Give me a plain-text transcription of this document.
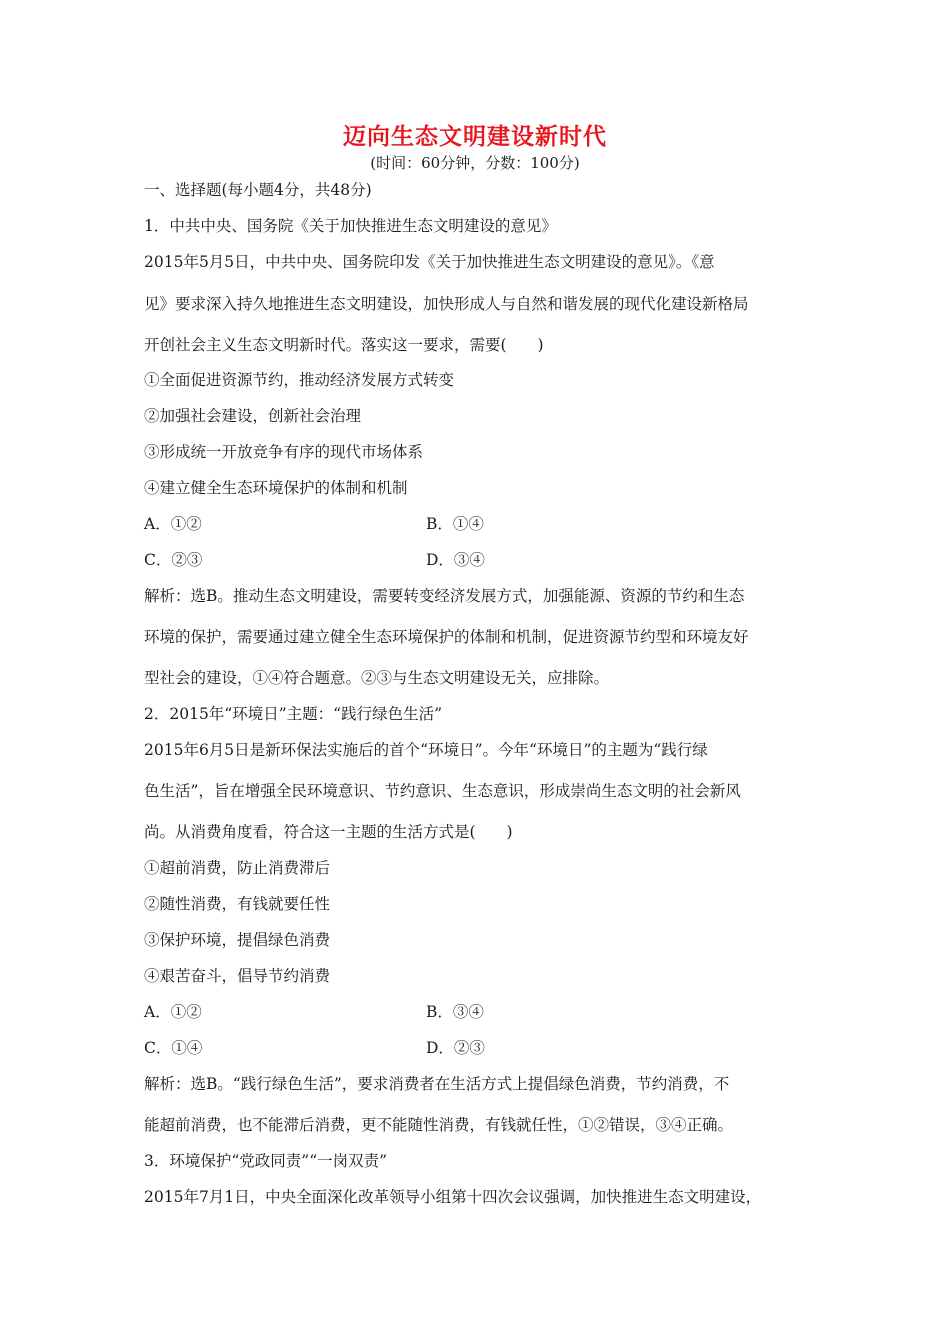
迈向生态文明建设新时代
(时间：60分钟，分数：100分)
一、选择题(每小题4分，共48分)
1．中共中央、国务院《关于加快推进生态文明建设的意见》
2015年5月5日，中共中央、国务院印发《关于加快推进生态文明建设的意见》。《意
见》要求深入持久地推进生态文明建设，加快形成人与自然和谐发展的现代化建设新格局
开创社会主义生态文明新时代。落实这一要求，需要(　　)
①全面促进资源节约，推动经济发展方式转变
②加强社会建设，创新社会治理
③形成统一开放竞争有序的现代市场体系
④建立健全生态环境保护的体制和机制
A．①②	B．①④
C．②③	D．③④
解析：选B。推动生态文明建设，需要转变经济发展方式，加强能源、资源的节约和生态
环境的保护，需要通过建立健全生态环境保护的体制和机制，促进资源节约型和环境友好
型社会的建设，①④符合题意。②③与生态文明建设无关，应排除。
2．2015年“环境日”主题：“践行绿色生活”
2015年6月5日是新环保法实施后的首个“环境日”。今年“环境日”的主题为“践行绿
色生活”，旨在增强全民环境意识、节约意识、生态意识，形成崇尚生态文明的社会新风
尚。从消费角度看，符合这一主题的生活方式是(　　)
①超前消费，防止消费滞后
②随性消费，有钱就要任性
③保护环境，提倡绿色消费
④艰苦奋斗，倡导节约消费
A．①②	B．③④
C．①④	D．②③
解析：选B。“践行绿色生活”，要求消费者在生活方式上提倡绿色消费，节约消费，不
能超前消费，也不能滞后消费，更不能随性消费，有钱就任性，①②错误，③④正确。
3．环境保护“党政同责”“一岗双责”
2015年7月1日，中央全面深化改革领导小组第十四次会议强调，加快推进生态文明建设，
